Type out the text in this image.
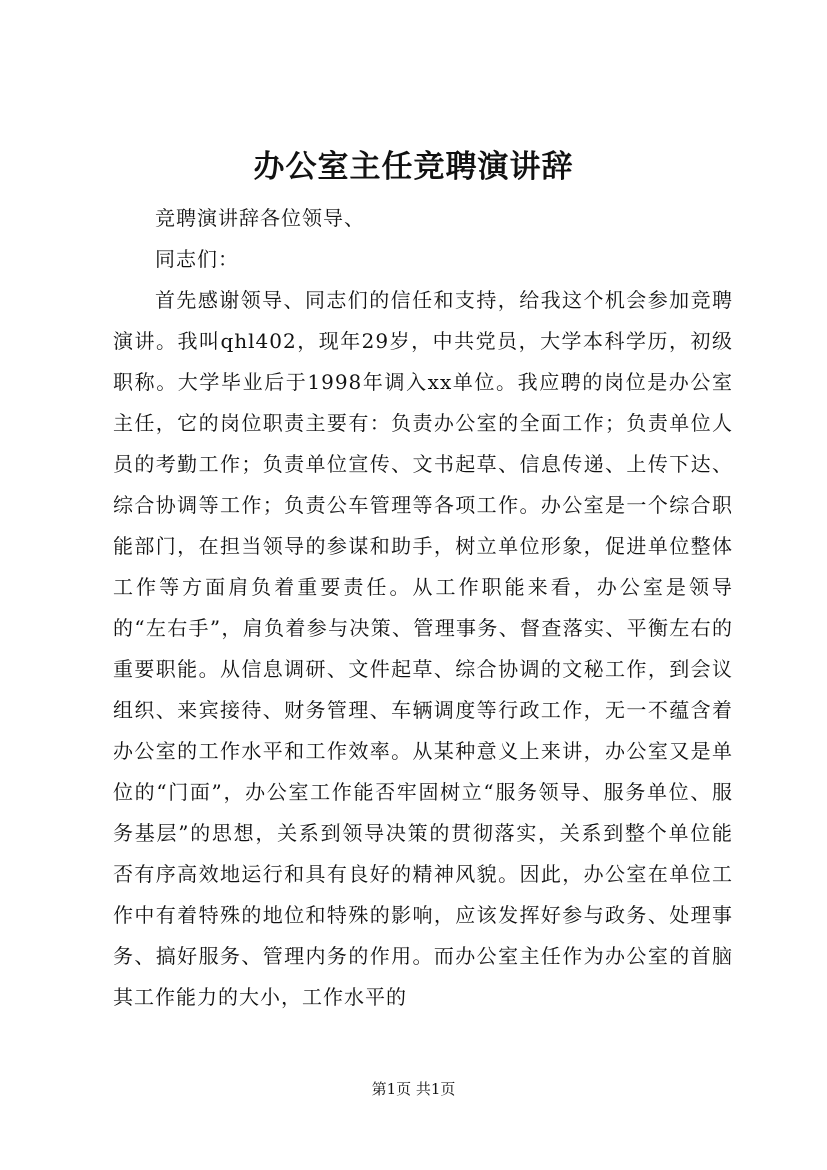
办公室主任竞聘演讲辞

竞聘演讲辞各位领导、

同志们：

首先感谢领导、同志们的信任和支持，给我这个机会参加竞聘演讲。我叫qhl402，现年29岁，中共党员，大学本科学历，初级职称。大学毕业后于1998年调入xx单位。我应聘的岗位是办公室主任，它的岗位职责主要有：负责办公室的全面工作；负责单位人员的考勤工作；负责单位宣传、文书起草、信息传递、上传下达、综合协调等工作；负责公车管理等各项工作。办公室是一个综合职能部门，在担当领导的参谋和助手，树立单位形象，促进单位整体工作等方面肩负着重要责任。从工作职能来看，办公室是领导的“左右手”，肩负着参与决策、管理事务、督查落实、平衡左右的重要职能。从信息调研、文件起草、综合协调的文秘工作，到会议组织、来宾接待、财务管理、车辆调度等行政工作，无一不蕴含着办公室的工作水平和工作效率。从某种意义上来讲，办公室又是单位的“门面”，办公室工作能否牢固树立“服务领导、服务单位、服务基层”的思想，关系到领导决策的贯彻落实，关系到整个单位能否有序高效地运行和具有良好的精神风貌。因此，办公室在单位工作中有着特殊的地位和特殊的影响，应该发挥好参与政务、处理事务、搞好服务、管理内务的作用。而办公室主任作为办公室的首脑其工作能力的大小，工作水平的

第1页 共1页
